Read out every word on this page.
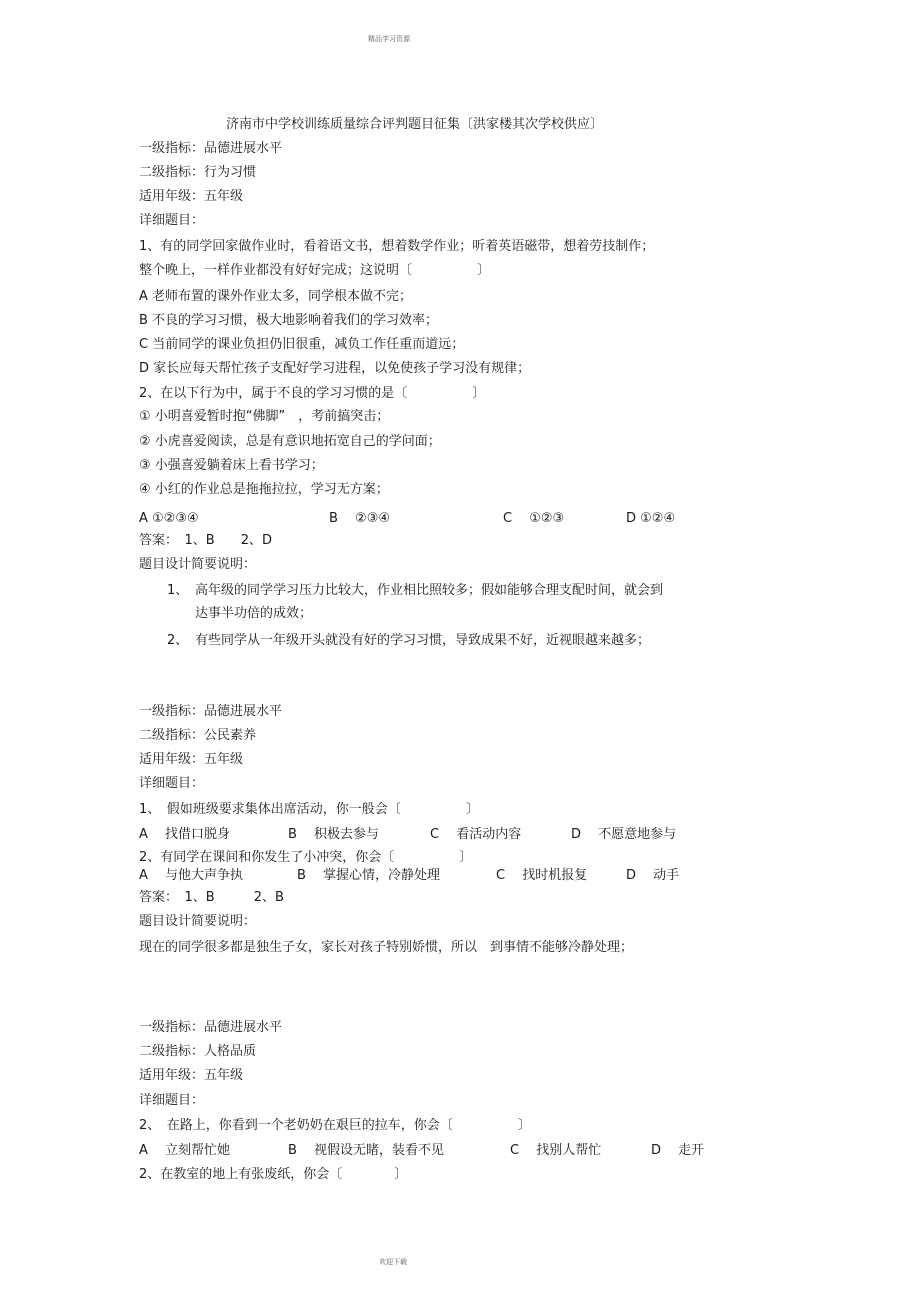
精品学习资源
欢迎下载
济南市中学校训练质量综合评判题目征集〔洪家楼其次学校供应〕
一级指标：品德进展水平
二级指标：行为习惯
适用年级：五年级
详细题目：
1、有的同学回家做作业时，看着语文书，想着数学作业；听着英语磁带，想着劳技制作；
整个晚上，一样作业都没有好好完成；这说明〔　　　　　〕
A 老师布置的课外作业太多，同学根本做不完；
B 不良的学习习惯，极大地影响着我们的学习效率；
C 当前同学的课业负担仍旧很重，减负工作任重而道远；
D 家长应每天帮忙孩子支配好学习进程，以免使孩子学习没有规律；
2、在以下行为中，属于不良的学习习惯的是〔　　　　　〕
① 小明喜爱暂时抱“佛脚”　，考前搞突击；
② 小虎喜爱阅读，总是有意识地拓宽自己的学问面；
③ 小强喜爱躺着床上看书学习；
④ 小红的作业总是拖拖拉拉，学习无方案；
A ①②③④	B　 ②③④	C　 ①②③	D ①②④
答案：　1、B　　2、D
题目设计简要说明：
1、 高年级的同学学习压力比较大，作业相比照较多；假如能够合理支配时间，就会到
达事半功倍的成效；
2、 有些同学从一年级开头就没有好的学习习惯，导致成果不好，近视眼越来越多；
一级指标：品德进展水平
二级指标：公民素养
适用年级：五年级
详细题目：
1、　假如班级要求集体出席活动，你一般会〔　　　　　〕
A　 找借口脱身	B　 积极去参与	C　 看活动内容	D　 不愿意地参与
2、有同学在课间和你发生了小冲突，你会〔　　　　　〕
A　 与他大声争执	B　 掌握心情，冷静处理	C　 找时机报复	D　 动手
答案：　1、B　　　2、B
题目设计简要说明：
现在的同学很多都是独生子女，家长对孩子特别娇惯，所以　到事情不能够冷静处理；
一级指标：品德进展水平
二级指标：人格品质
适用年级：五年级
详细题目：
2、　在路上，你看到一个老奶奶在艰巨的拉车，你会〔　　　　　〕
A　 立刻帮忙她	B　 视假设无睹，装看不见	C　 找别人帮忙	D　 走开
2、在教室的地上有张废纸，你会〔　　　　〕
